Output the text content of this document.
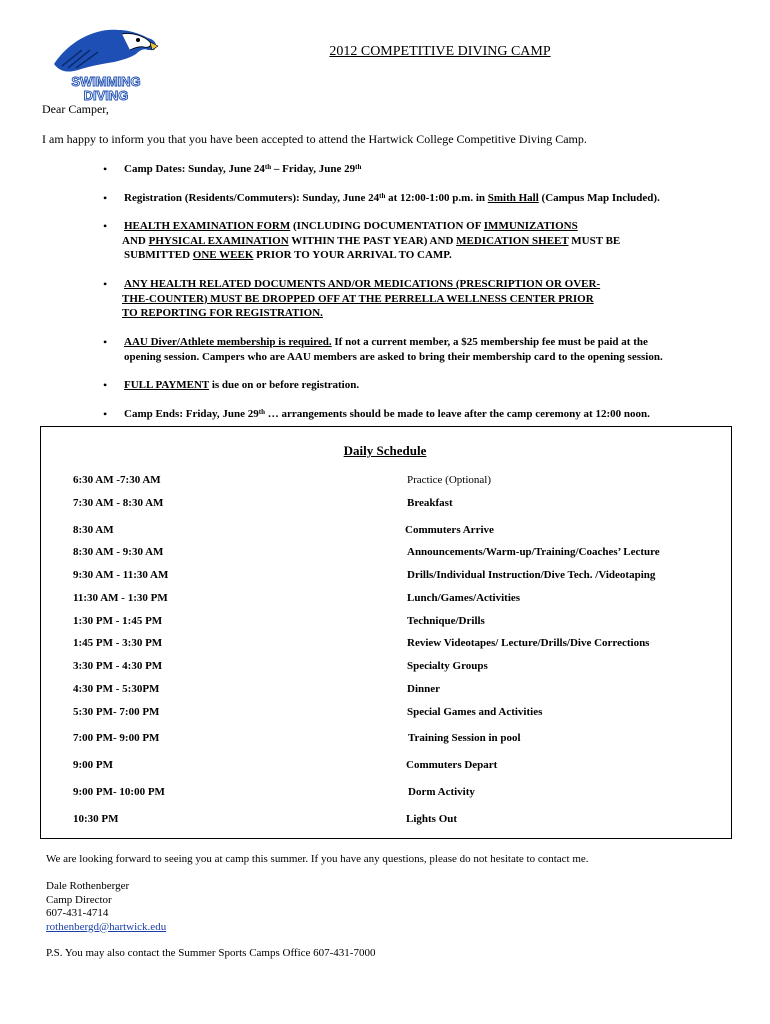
SWIMMING
DIVING
2012 COMPETITIVE DIVING CAMP
Dear Camper,
I am happy to inform you that you have been accepted to attend the Hartwick College Competitive Diving Camp.
• Camp Dates: Sunday, June 24th – Friday, June 29th
• Registration (Residents/Commuters): Sunday, June 24th at 12:00-1:00 p.m. in Smith Hall (Campus Map Included).
• HEALTH EXAMINATION FORM (INCLUDING DOCUMENTATION OF IMMUNIZATIONS
AND PHYSICAL EXAMINATION WITHIN THE PAST YEAR) AND MEDICATION SHEET MUST BE
SUBMITTED ONE WEEK PRIOR TO YOUR ARRIVAL TO CAMP.
• ANY HEALTH RELATED DOCUMENTS AND/OR MEDICATIONS (PRESCRIPTION OR OVER-
THE-COUNTER) MUST BE DROPPED OFF AT THE PERRELLA WELLNESS CENTER PRIOR
TO REPORTING FOR REGISTRATION.
• AAU Diver/Athlete membership is required. If not a current member, a $25 membership fee must be paid at the
opening session. Campers who are AAU members are asked to bring their membership card to the opening session.
• FULL PAYMENT is due on or before registration.
• Camp Ends: Friday, June 29th … arrangements should be made to leave after the camp ceremony at 12:00 noon.
Daily Schedule
6:30 AM -7:30 AM	Practice (Optional)
7:30 AM - 8:30 AM	Breakfast
8:30 AM	Commuters Arrive
8:30 AM - 9:30 AM	Announcements/Warm-up/Training/Coaches’ Lecture
9:30 AM - 11:30 AM	Drills/Individual Instruction/Dive Tech. /Videotaping
11:30 AM - 1:30 PM	Lunch/Games/Activities
1:30 PM - 1:45 PM	Technique/Drills
1:45 PM - 3:30 PM	Review Videotapes/ Lecture/Drills/Dive Corrections
3:30 PM - 4:30 PM	Specialty Groups
4:30 PM - 5:30PM	Dinner
5:30 PM- 7:00 PM	Special Games and Activities
7:00 PM- 9:00 PM	Training Session in pool
9:00 PM	Commuters Depart
9:00 PM- 10:00 PM	Dorm Activity
10:30 PM	Lights Out
We are looking forward to seeing you at camp this summer. If you have any questions, please do not hesitate to contact me.
Dale Rothenberger
Camp Director
607-431-4714
rothenbergd@hartwick.edu
P.S. You may also contact the Summer Sports Camps Office 607-431-7000
